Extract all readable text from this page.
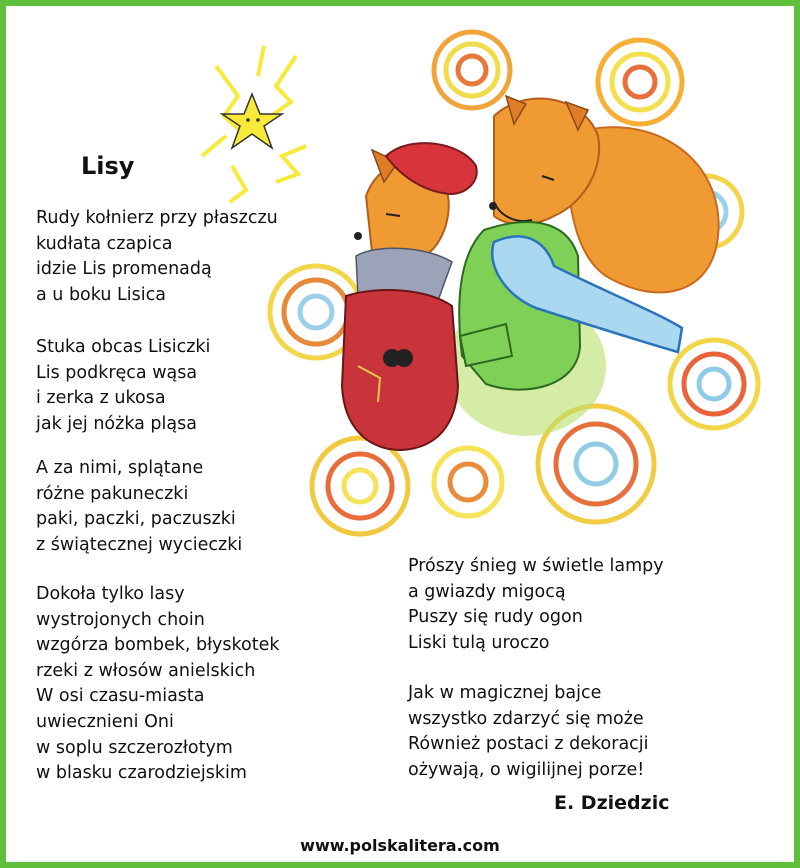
Lisy
Rudy kołnierz przy płaszczu
kudłata czapica
idzie Lis promenadą
a u boku Lisica
Stuka obcas Lisiczki
Lis podkręca wąsa
i zerka z ukosa
jak jej nóżka pląsa
A za nimi, splątane
różne pakuneczki
paki, paczki, paczuszki
z świątecznej wycieczki
Dokoła tylko lasy
wystrojonych choin
wzgórza bombek, błyskotek
rzeki z włosów anielskich
W osi czasu-miasta
uwiecznieni Oni
w soplu szczerozłotym
w blasku czarodziejskim
Prószy śnieg w świetle lampy
a gwiazdy migocą
Puszy się rudy ogon
Liski tulą uroczo
Jak w magicznej bajce
wszystko zdarzyć się może
Również postaci z dekoracji
ożywają, o wigilijnej porze!
E. Dziedzic
www.polskalitera.com
